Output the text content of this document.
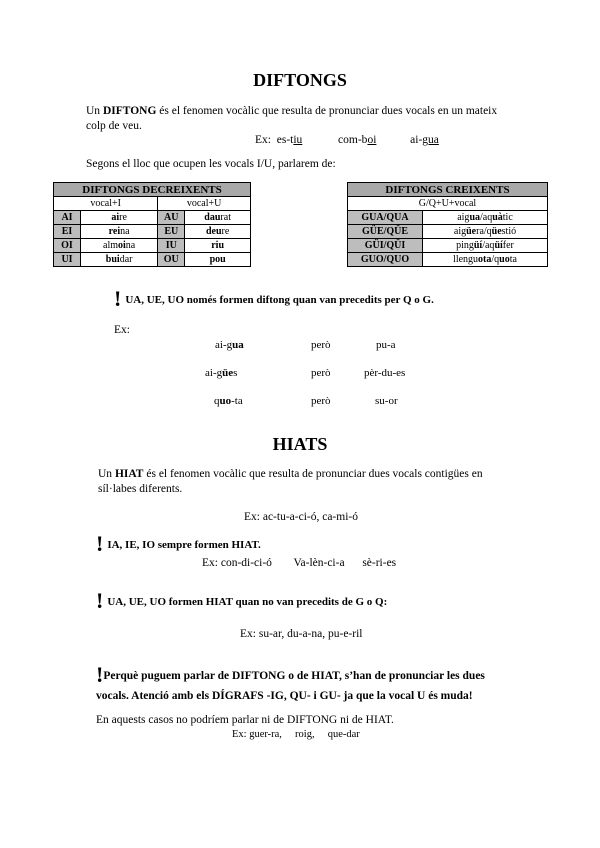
DIFTONGS
Un DIFTONG és el fenomen vocàlic que resulta de pronunciar dues vocals en un mateix colp de veu.
Ex: es-tiu	com-boi	ai-gua
Segons el lloc que ocupen les vocals I/U, parlarem de:
DIFTONGS DECREIXENTS			
vocal+I		vocal+U	
AI	aire	AU	daurat
EI	reina	EU	deure
OI	almoina	IU	riu
UI	buidar	OU	pou
DIFTONGS CREIXENTS	
G/Q+U+vocal	
GUA/QUA	aigua/aquàtic
GÜE/QÜE	aigüera/qüestió
GÜI/QÜI	pingüí/aqüífer
GUO/QUO	llenguota/quota
! UA, UE, UO només formen diftong quan van precedits per Q o G.
Ex:
ai-gua	però	pu-a
ai-gües	però	pèr-du-es
quo-ta	però	su-or
HIATS
Un HIAT és el fenomen vocàlic que resulta de pronunciar dues vocals contigües en síl·labes diferents.
Ex: ac-tu-a-ci-ó, ca-mi-ó
! IA, IE, IO sempre formen HIAT.
Ex: con-di-ci-ó Va-lèn-ci-a sè-ri-es
! UA, UE, UO formen HIAT quan no van precedits de G o Q:
Ex: su-ar, du-a-na, pu-e-ril
!Perquè puguem parlar de DIFTONG o de HIAT, s’han de pronunciar les dues vocals. Atenció amb els DÍGRAFS -IG, QU- i GU- ja que la vocal U és muda!
En aquests casos no podríem parlar ni de DIFTONG ni de HIAT.
Ex: guer-ra,     roig,     que-dar
